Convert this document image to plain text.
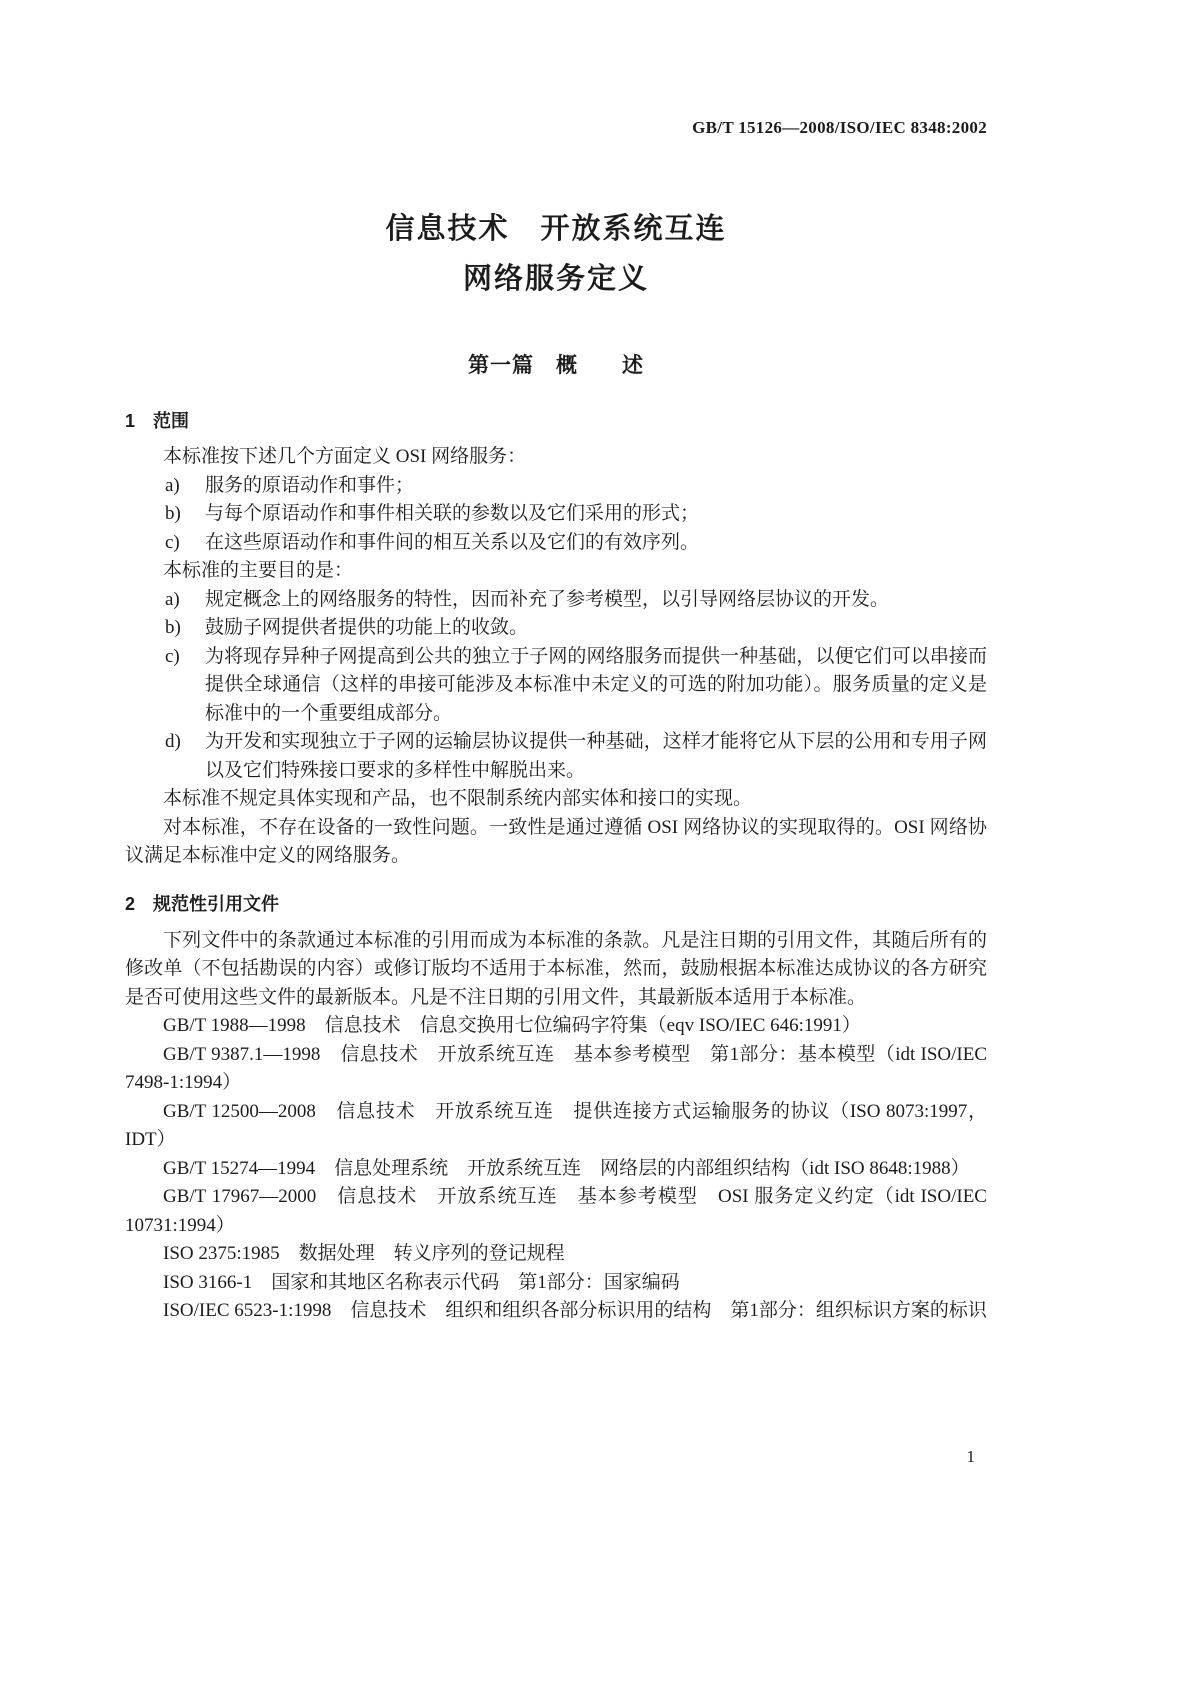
GB/T 15126—2008/ISO/IEC 8348:2002
信息技术　开放系统互连
网络服务定义
第一篇　概　　述
1　范围

本标准按下述几个方面定义 OSI 网络服务：

a) 服务的原语动作和事件；
b) 与每个原语动作和事件相关联的参数以及它们采用的形式；
c) 在这些原语动作和事件间的相互关系以及它们的有效序列。

本标准的主要目的是：

a) 规定概念上的网络服务的特性，因而补充了参考模型，以引导网络层协议的开发。
b) 鼓励子网提供者提供的功能上的收敛。
c) 为将现存异种子网提高到公共的独立于子网的网络服务而提供一种基础，以便它们可以串接而提供全球通信（这样的串接可能涉及本标准中未定义的可选的附加功能）。服务质量的定义是标准中的一个重要组成部分。
d) 为开发和实现独立于子网的运输层协议提供一种基础，这样才能将它从下层的公用和专用子网以及它们特殊接口要求的多样性中解脱出来。

本标准不规定具体实现和产品，也不限制系统内部实体和接口的实现。

对本标准，不存在设备的一致性问题。一致性是通过遵循 OSI 网络协议的实现取得的。OSI 网络协议满足本标准中定义的网络服务。

2　规范性引用文件

下列文件中的条款通过本标准的引用而成为本标准的条款。凡是注日期的引用文件，其随后所有的修改单（不包括勘误的内容）或修订版均不适用于本标准，然而，鼓励根据本标准达成协议的各方研究是否可使用这些文件的最新版本。凡是不注日期的引用文件，其最新版本适用于本标准。

GB/T 1988—1998　信息技术　信息交换用七位编码字符集（eqv ISO/IEC 646:1991）

GB/T 9387.1—1998　信息技术　开放系统互连　基本参考模型　第1部分：基本模型（idt ISO/IEC 7498-1:1994）

GB/T 12500—2008　信息技术　开放系统互连　提供连接方式运输服务的协议（ISO 8073:1997，IDT）

GB/T 15274—1994　信息处理系统　开放系统互连　网络层的内部组织结构（idt ISO 8648:1988）

GB/T 17967—2000　信息技术　开放系统互连　基本参考模型　OSI 服务定义约定（idt ISO/IEC 10731:1994）

ISO 2375:1985　数据处理　转义序列的登记规程

ISO 3166-1　国家和其地区名称表示代码　第1部分：国家编码

ISO/IEC 6523-1:1998　信息技术　组织和组织各部分标识用的结构　第1部分：组织标识方案的标识

1
